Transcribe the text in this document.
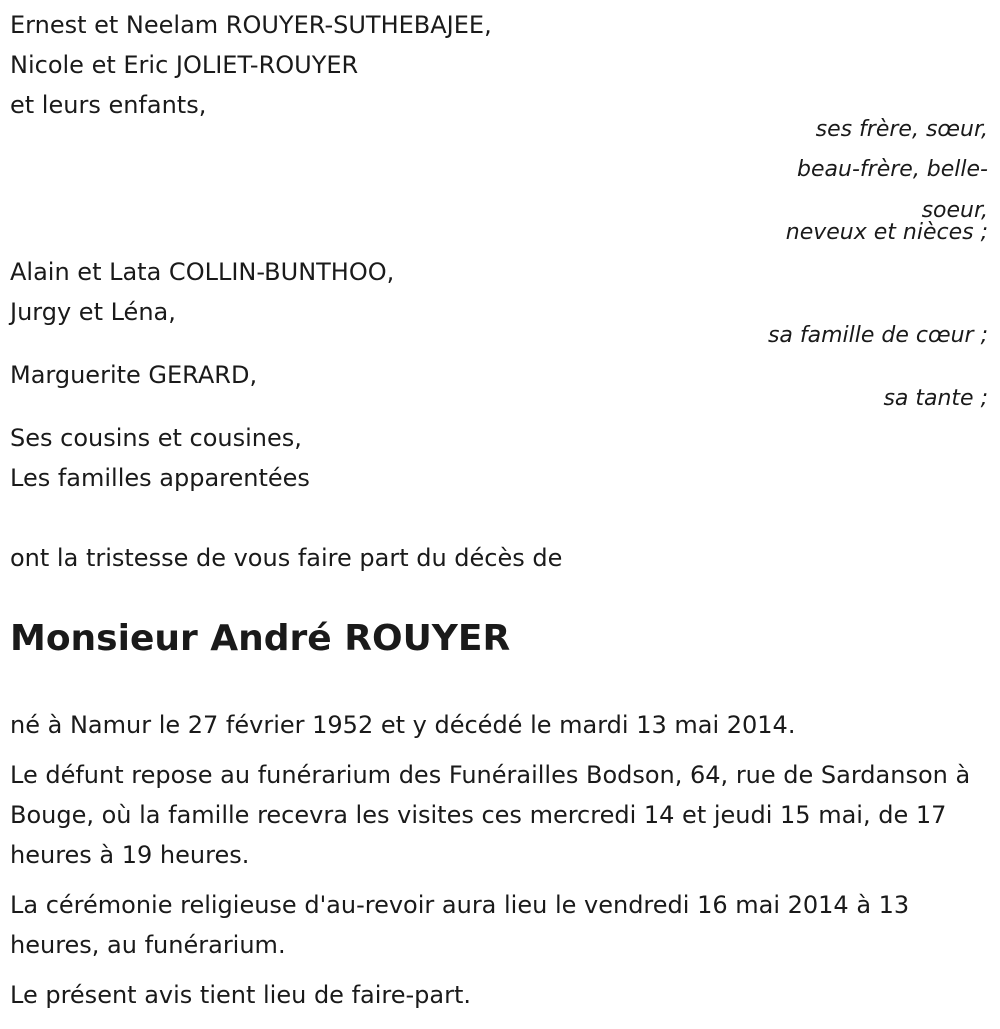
Ernest et Neelam ROUYER-SUTHEBAJEE,
Nicole et Eric JOLIET-ROUYER
et leurs enfants,
ses frère, sœur,
beau-frère, belle-
soeur,
neveux et nièces ;
Alain et Lata COLLIN-BUNTHOO,
Jurgy et Léna,
sa famille de cœur ;
Marguerite GERARD,
sa tante ;
Ses cousins et cousines,
Les familles apparentées
ont la tristesse de vous faire part du décès de
Monsieur André ROUYER
né à Namur le 27 février 1952 et y décédé le mardi 13 mai 2014.
Le défunt repose au funérarium des Funérailles Bodson, 64, rue de Sardanson à Bouge, où la famille recevra les visites ces mercredi 14 et jeudi 15 mai, de 17 heures à 19 heures.
La cérémonie religieuse d'au-revoir aura lieu le vendredi 16 mai 2014 à 13 heures, au funérarium.
Le présent avis tient lieu de faire-part.
